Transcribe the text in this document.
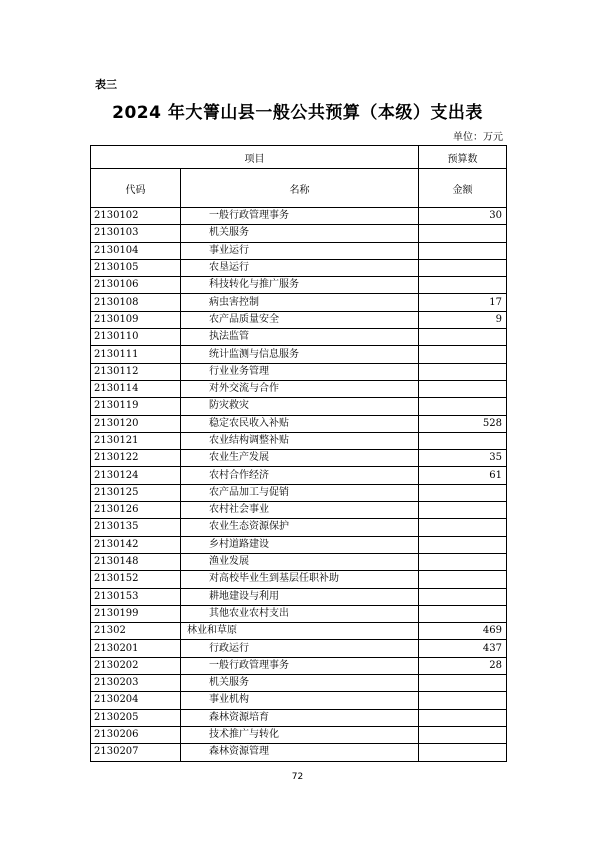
表三
2024 年大箐山县一般公共预算（本级）支出表
单位：万元
项目		预算数
代码	名称	金额
2130102	一般行政管理事务	30
2130103	机关服务	
2130104	事业运行	
2130105	农垦运行	
2130106	科技转化与推广服务	
2130108	病虫害控制	17
2130109	农产品质量安全	9
2130110	执法监管	
2130111	统计监测与信息服务	
2130112	行业业务管理	
2130114	对外交流与合作	
2130119	防灾救灾	
2130120	稳定农民收入补贴	528
2130121	农业结构调整补贴	
2130122	农业生产发展	35
2130124	农村合作经济	61
2130125	农产品加工与促销	
2130126	农村社会事业	
2130135	农业生态资源保护	
2130142	乡村道路建设	
2130148	渔业发展	
2130152	对高校毕业生到基层任职补助	
2130153	耕地建设与利用	
2130199	其他农业农村支出	
21302	林业和草原	469
2130201	行政运行	437
2130202	一般行政管理事务	28
2130203	机关服务	
2130204	事业机构	
2130205	森林资源培育	
2130206	技术推广与转化	
2130207	森林资源管理	
72
